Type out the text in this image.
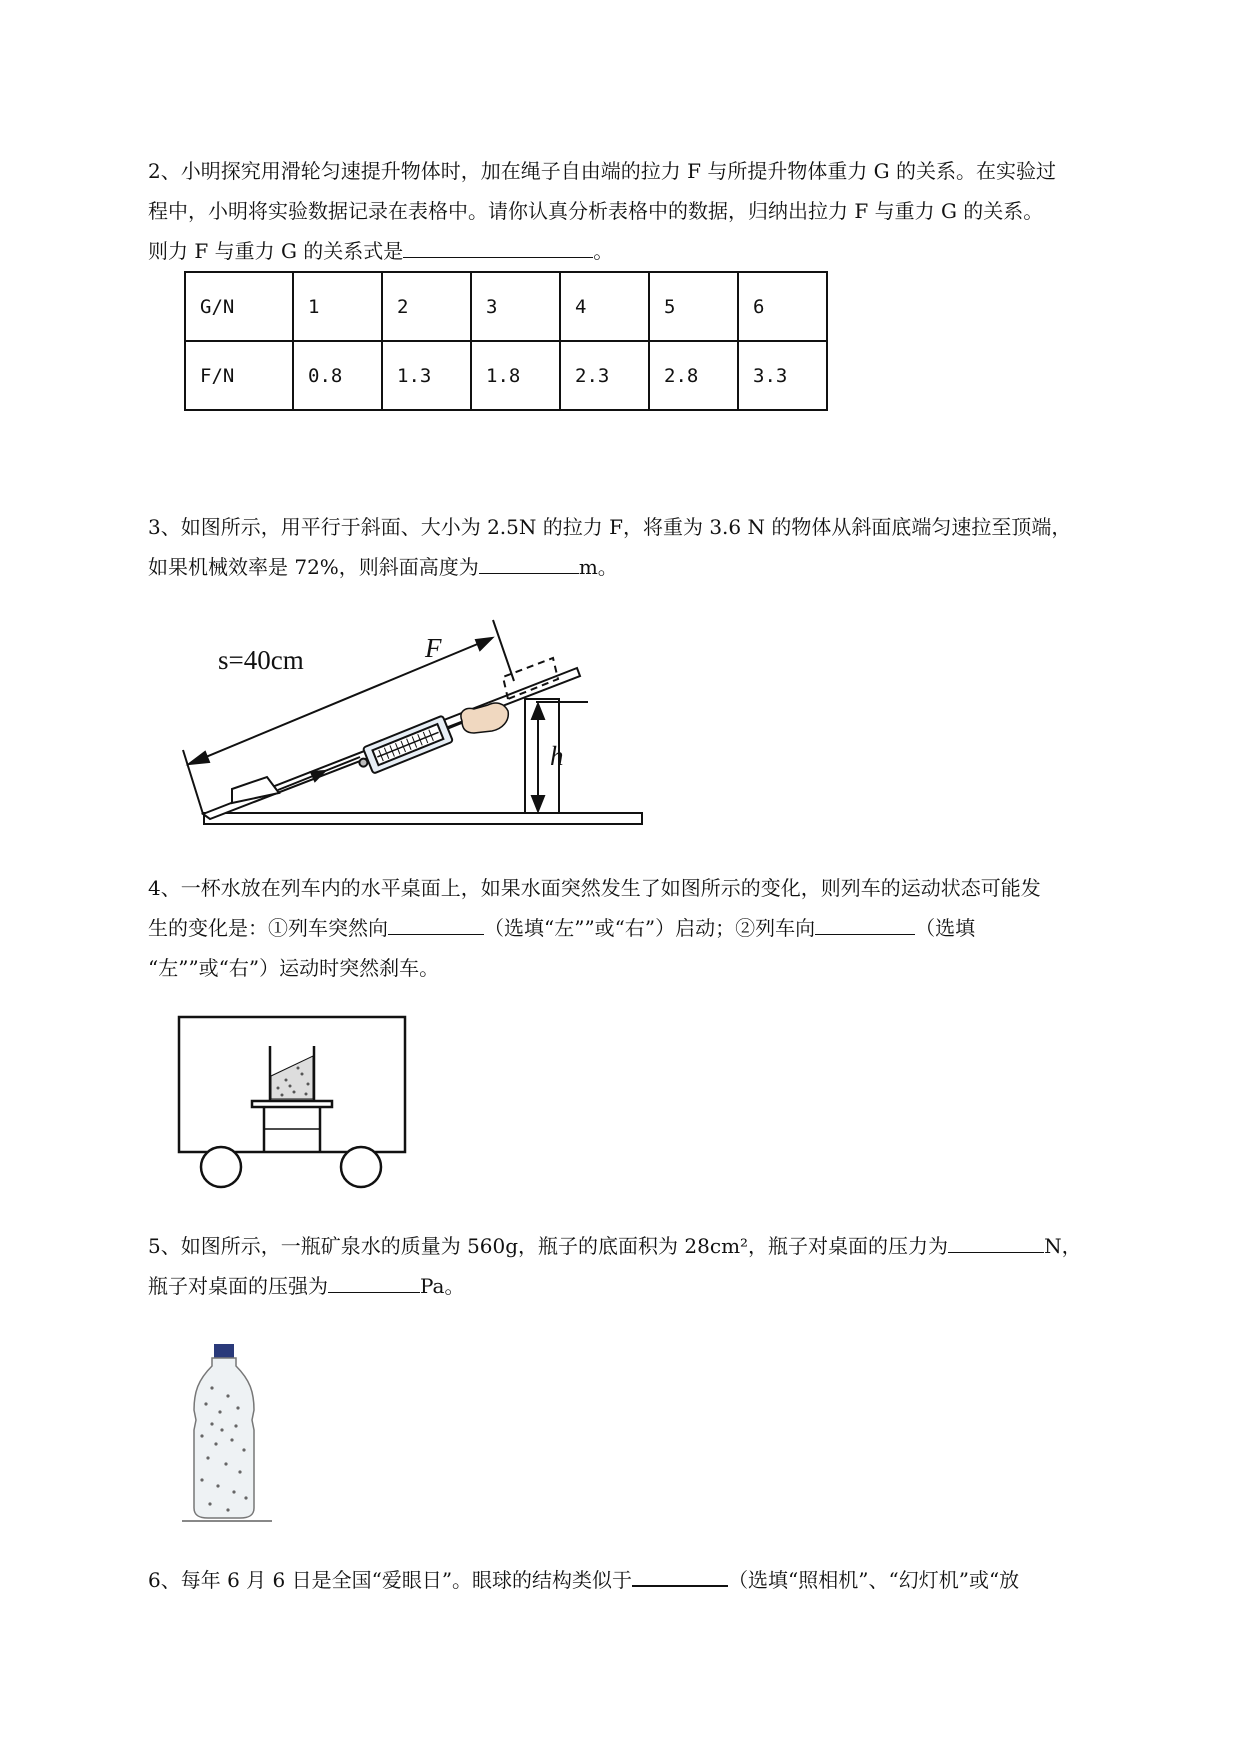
2、小明探究用滑轮匀速提升物体时，加在绳子自由端的拉力 F 与所提升物体重力 G 的关系。在实验过

程中，小明将实验数据记录在表格中。请你认真分析表格中的数据，归纳出拉力 F 与重力 G 的关系。

则力 F 与重力 G 的关系式是	。

G/N	1	2	3	4	5	6
F/N	0.8	1.3	1.8	2.3	2.8	3.3

3、如图所示，用平行于斜面、大小为 2.5N 的拉力 F，将重为 3.6 N 的物体从斜面底端匀速拉至顶端，

如果机械效率是 72%，则斜面高度为	m。

s=40cm	F
h

4、一杯水放在列车内的水平桌面上，如果水面突然发生了如图所示的变化，则列车的运动状态可能发

生的变化是：①列车突然向	（选填“左””或“右”）启动；②列车向	（选填

“左””或“右”）运动时突然刹车。

5、如图所示，一瓶矿泉水的质量为 560g，瓶子的底面积为 28cm²，瓶子对桌面的压力为	N，

瓶子对桌面的压强为	Pa。

6、每年 6 月 6 日是全国“爱眼日”。眼球的结构类似于	（选填“照相机”、“幻灯机”或“放
